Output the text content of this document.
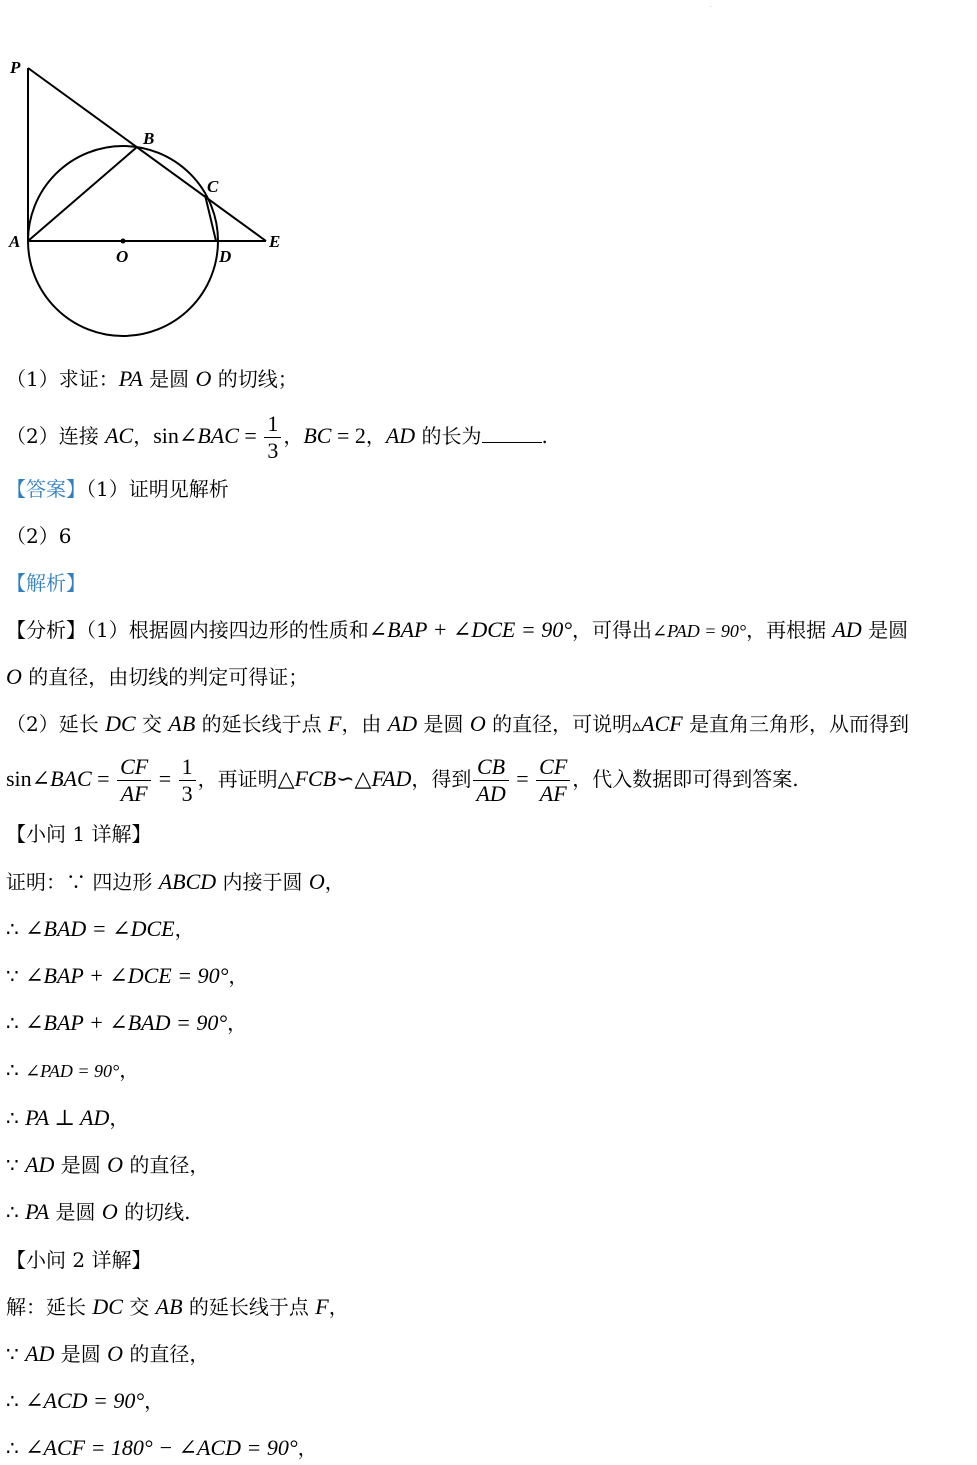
·
P
B
C
A
O	D
E
（1）求证：PA 是圆 O 的切线；
（2）连接 AC，sin∠BAC = $\frac{1}{3}$ ，BC = 2，AD 的长为	.
【答案】（1）证明见解析
（2）6
【解析】
【分析】（1）根据圆内接四边形的性质和∠BAP + ∠DCE = 90°，可得出∠PAD = 90°，再根据 AD 是圆
O 的直径，由切线的判定可得证；
（2）延长 DC 交 AB 的延长线于点 F，由 AD 是圆 O 的直径，可说明▵ACF 是直角三角形，从而得到
sin∠BAC = $\frac{CF}{AF} = \frac{1}{3}$ ，再证明△FCB∽△FAD，得到 $\frac{CB}{AD} = \frac{CF}{AF}$ ，代入数据即可得到答案.
【小问 1 详解】
证明：∵ 四边形 ABCD 内接于圆 O，
∴ ∠BAD = ∠DCE，
∵ ∠BAP + ∠DCE = 90°，
∴ ∠BAP + ∠BAD = 90°，
∴ ∠PAD = 90°，
∴ PA ⊥ AD，
∵ AD 是圆 O 的直径，
∴ PA 是圆 O 的切线.
【小问 2 详解】
解：延长 DC 交 AB 的延长线于点 F，
∵ AD 是圆 O 的直径，
∴ ∠ACD = 90°，
∴ ∠ACF = 180° − ∠ACD = 90°，
